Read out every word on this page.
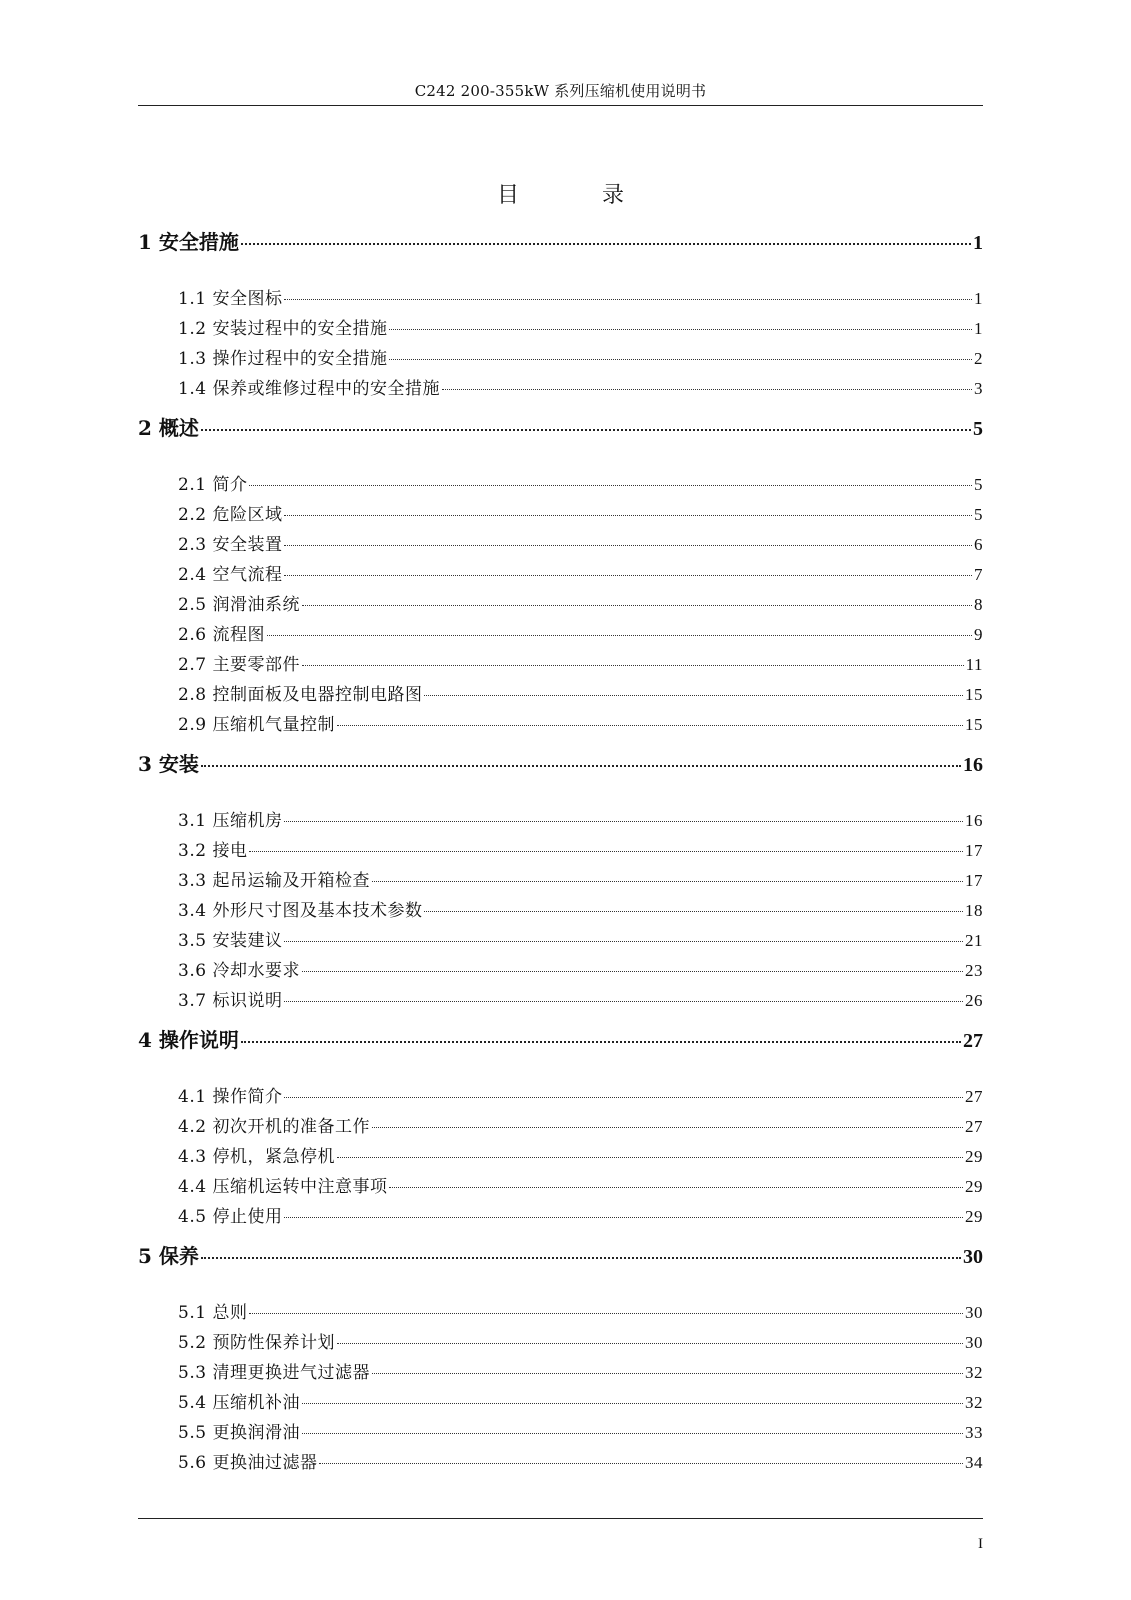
C242 200-355kW 系列压缩机使用说明书
目 录
1 安全措施	1
1.1 安全图标	1
1.2 安装过程中的安全措施	1
1.3 操作过程中的安全措施	2
1.4 保养或维修过程中的安全措施	3
2 概述	5
2.1 简介	5
2.2 危险区域	5
2.3 安全装置	6
2.4 空气流程	7
2.5 润滑油系统	8
2.6 流程图	9
2.7 主要零部件	11
2.8 控制面板及电器控制电路图	15
2.9 压缩机气量控制	15
3 安装	16
3.1 压缩机房	16
3.2 接电	17
3.3 起吊运输及开箱检查	17
3.4 外形尺寸图及基本技术参数	18
3.5 安装建议	21
3.6 冷却水要求	23
3.7 标识说明	26
4 操作说明	27
4.1 操作简介	27
4.2 初次开机的准备工作	27
4.3 停机，紧急停机	29
4.4 压缩机运转中注意事项	29
4.5 停止使用	29
5 保养	30
5.1 总则	30
5.2 预防性保养计划	30
5.3 清理更换进气过滤器	32
5.4 压缩机补油	32
5.5 更换润滑油	33
5.6 更换油过滤器	34
I
